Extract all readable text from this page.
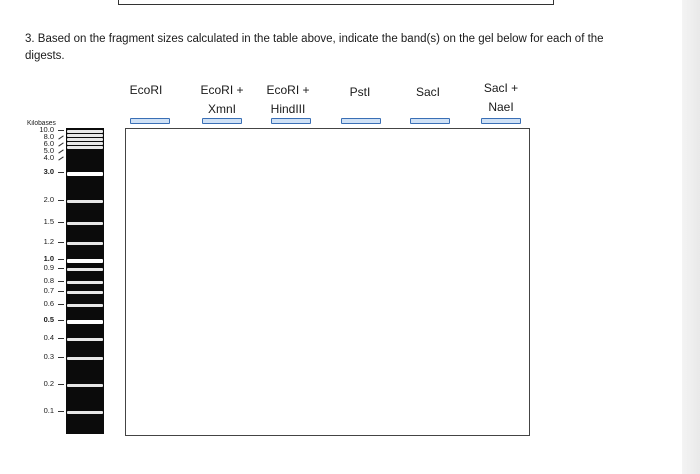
3. Based on the fragment sizes calculated in the table above, indicate the band(s) on the gel below for each of the digests.
EcoRI	EcoRI +
XmnI
EcoRI +
HindIII
PstI	SacI	SacI +
NaeI
Kilobases
10.0
8.0
6.0
5.0
4.0
3.0
2.0
1.5
1.2
1.0
0.9
0.8
0.7
0.6
0.5
0.4
0.3
0.2
0.1
